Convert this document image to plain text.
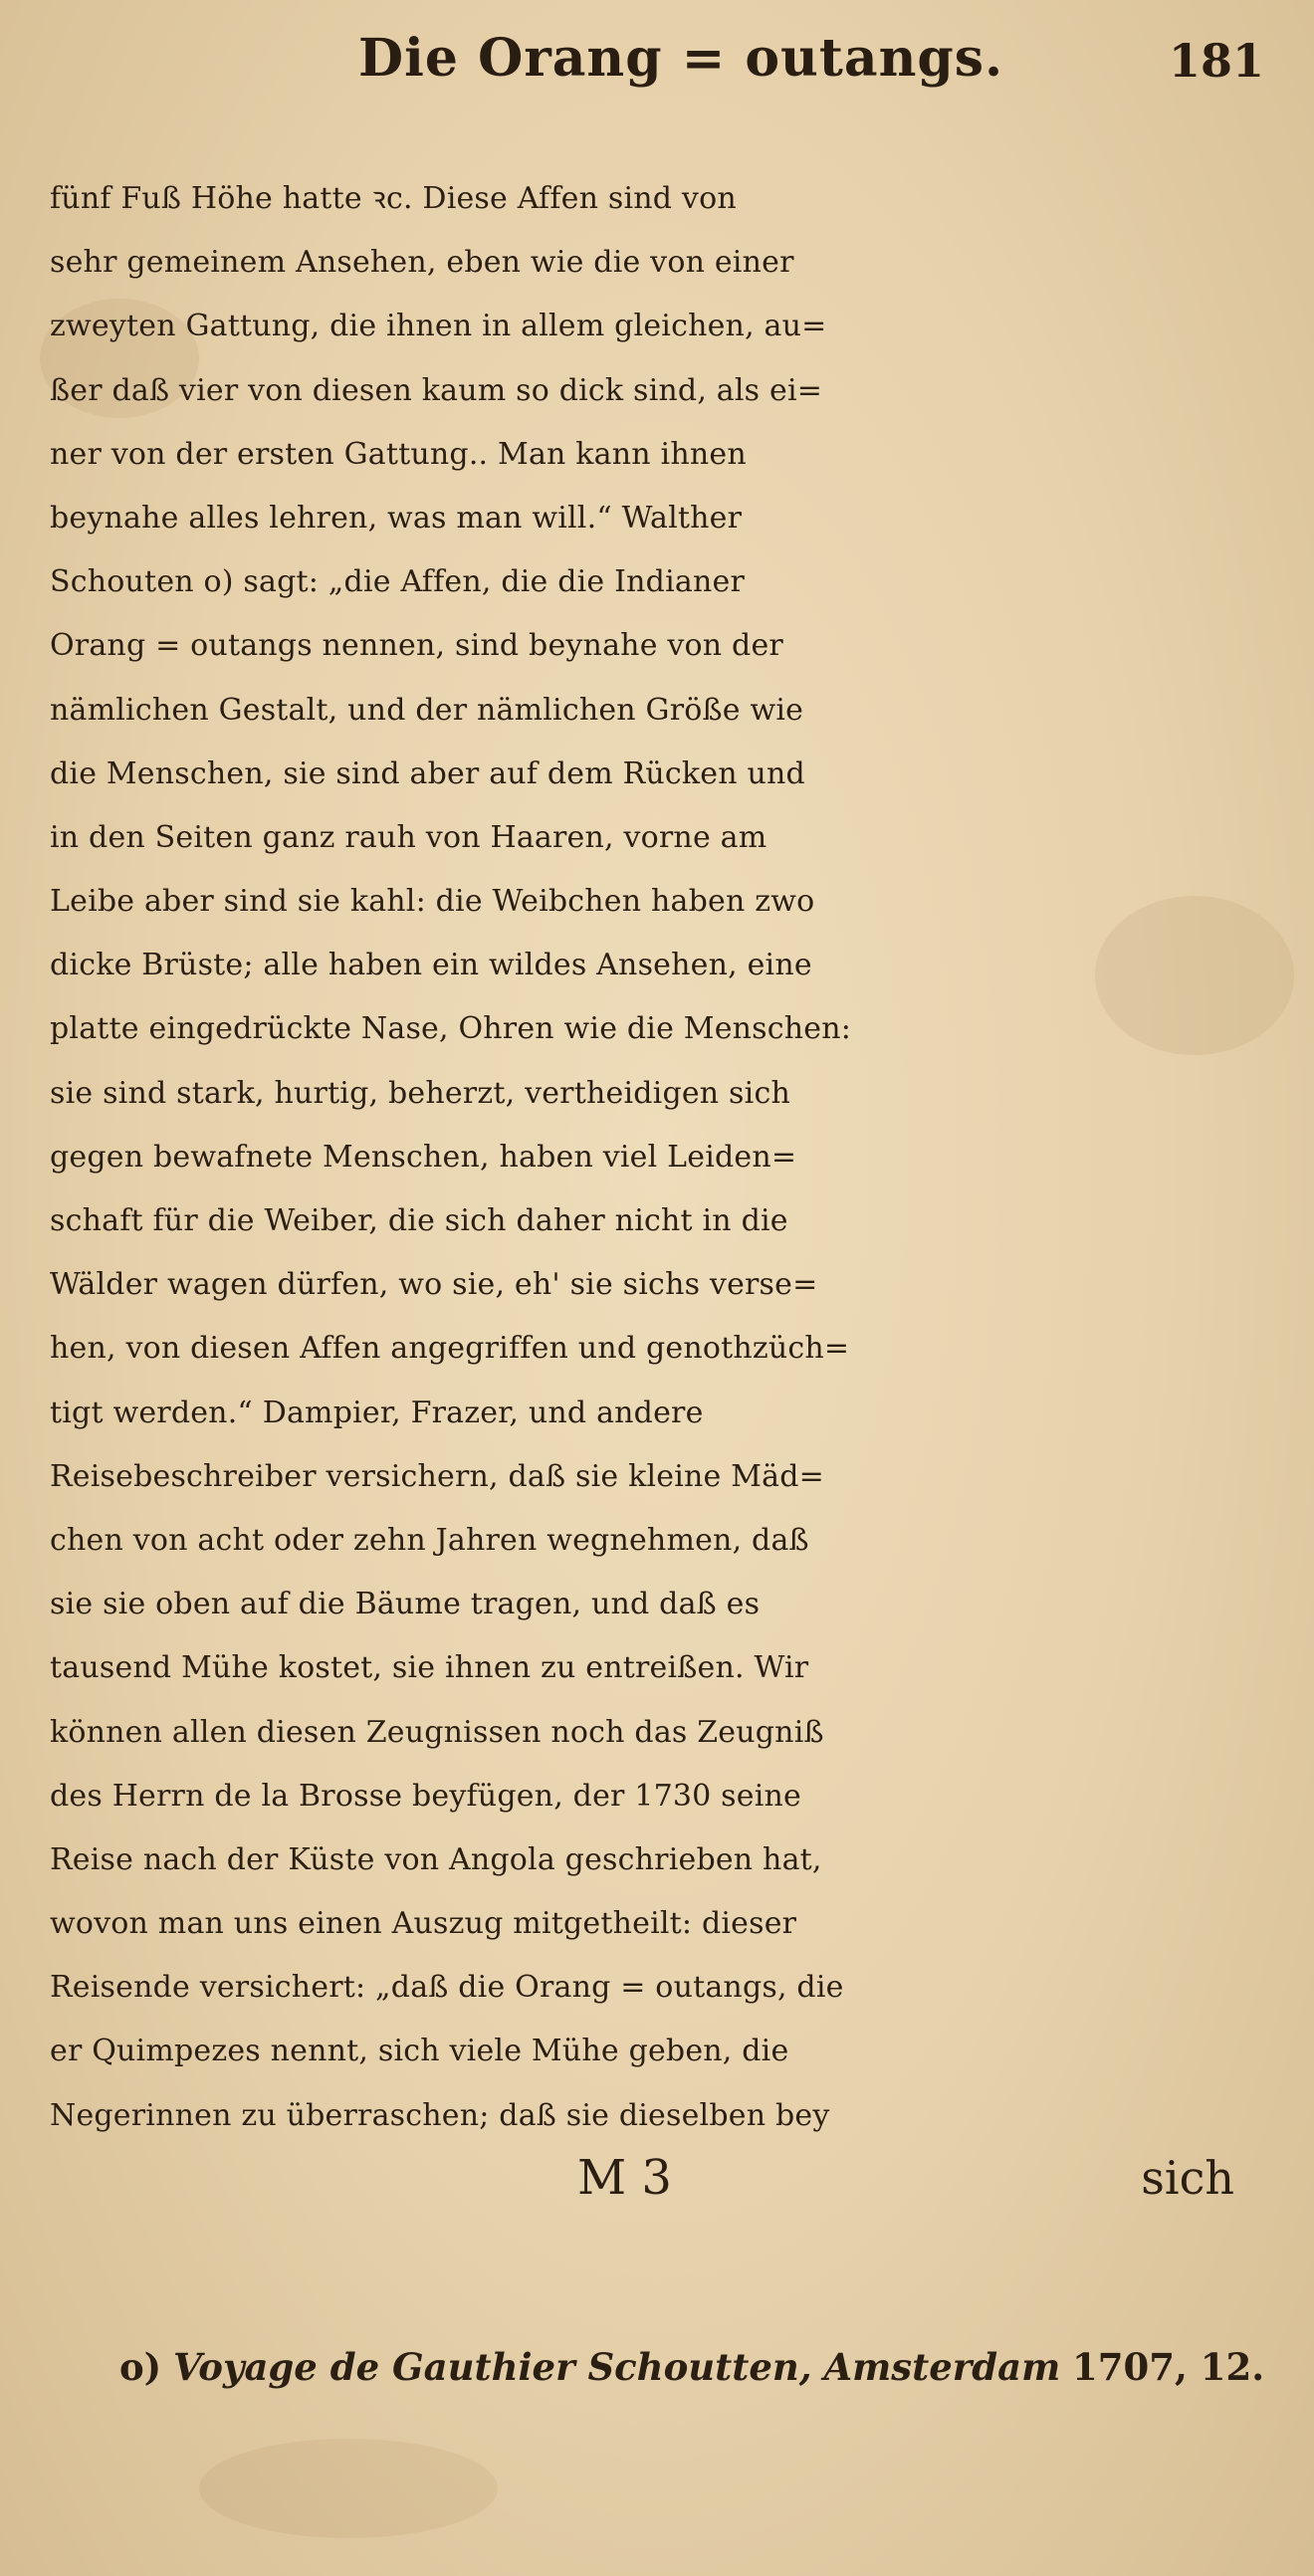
Die Orang = outangs.	181
fünf Fuß Höhe hatte ꝛc. Diese Affen sind von
sehr gemeinem Ansehen, eben wie die von einer
zweyten Gattung, die ihnen in allem gleichen, au=
ßer daß vier von diesen kaum so dick sind, als ei=
ner von der ersten Gattung.. Man kann ihnen
beynahe alles lehren, was man will.“ Walther
Schouten o) sagt: „die Affen, die die Indianer
Orang = outangs nennen, sind beynahe von der
nämlichen Gestalt, und der nämlichen Größe wie
die Menschen, sie sind aber auf dem Rücken und
in den Seiten ganz rauh von Haaren, vorne am
Leibe aber sind sie kahl: die Weibchen haben zwo
dicke Brüste; alle haben ein wildes Ansehen, eine
platte eingedrückte Nase, Ohren wie die Menschen:
sie sind stark, hurtig, beherzt, vertheidigen sich
gegen bewafnete Menschen, haben viel Leiden=
schaft für die Weiber, die sich daher nicht in die
Wälder wagen dürfen, wo sie, eh' sie sichs versе=
hen, von diesen Affen angegriffen und genothzüch=
tigt werden.“ Dampier, Frazer, und andere
Reisebeschreiber versichern, daß sie kleine Mäd=
chen von acht oder zehn Jahren wegnehmen, daß
sie sie oben auf die Bäume tragen, und daß es
tausend Mühe kostet, sie ihnen zu entreißen. Wir
können allen diesen Zeugnissen noch das Zeugniß
des Herrn de la Brosse beyfügen, der 1730 seine
Reise nach der Küste von Angola geschrieben hat,
wovon man uns einen Auszug mitgetheilt: dieser
Reisende versichert: „daß die Orang = outangs, die
er Quimpezes nennt, sich viele Mühe geben, die
Negerinnen zu überraschen; daß sie dieselben bey
M 3	sich
o) Voyage de Gauthier Schoutten, Amsterdam 1707, 12.
